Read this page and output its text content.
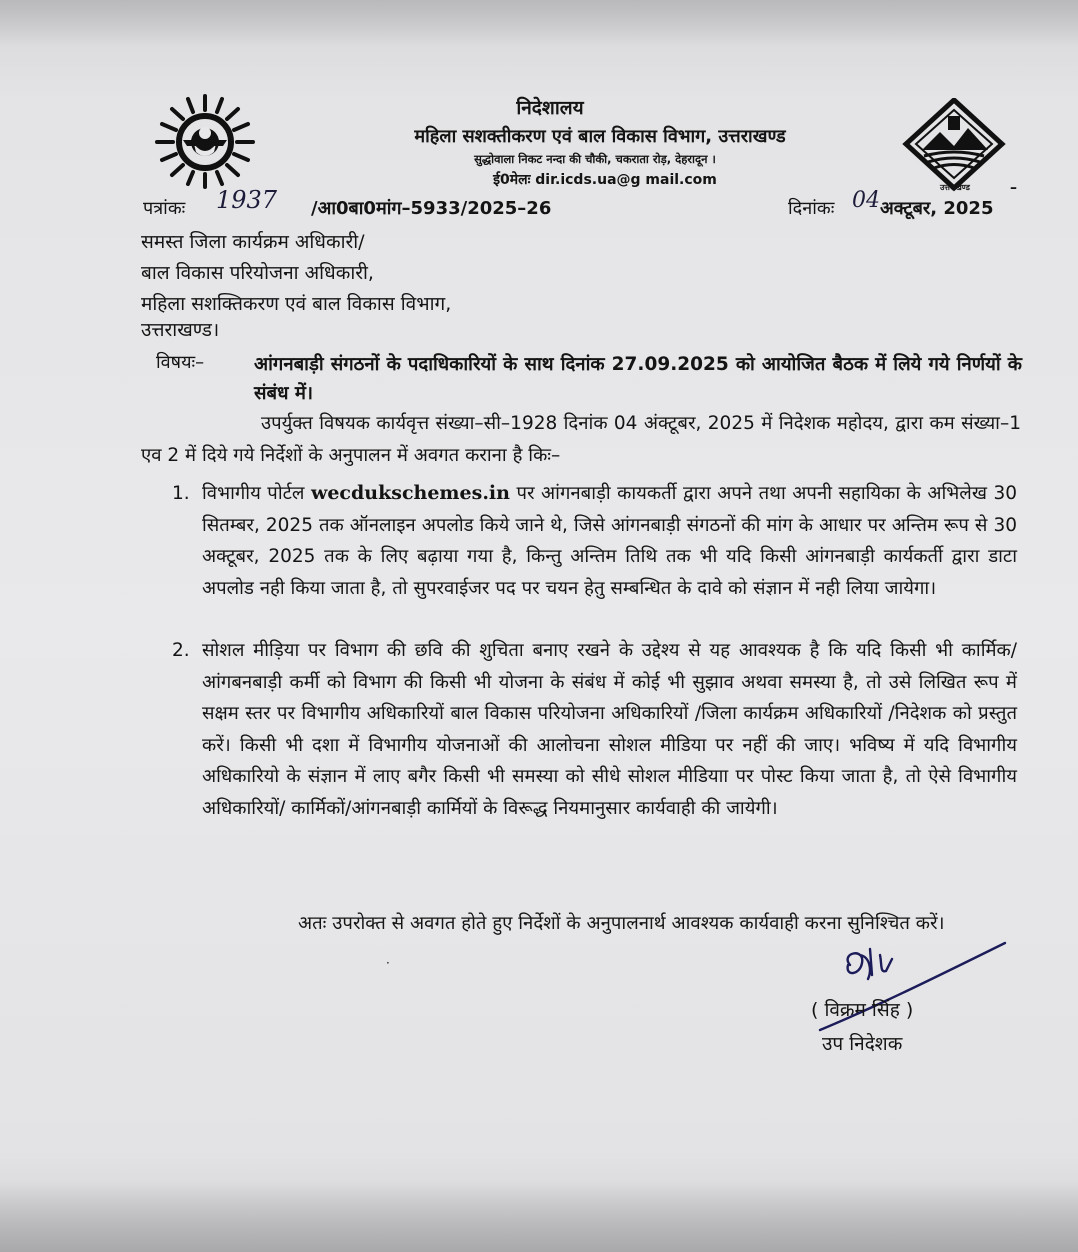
निदेशालय
महिला सशक्तीकरण एवं बाल विकास विभाग, उत्तराखण्ड
सुद्धोवाला निकट नन्दा की चौकी, चकराता रोड़, देहरादून ।
ई0मेलः dir.icds.ua@g mail.com	उत्तराखण्ड	–
पत्रांकः 1937 /आ0बा0मांग–5933/2025–26	दिनांकः 04 अक्टूबर, 2025
समस्त जिला कार्यक्रम अधिकारी/
बाल विकास परियोजना अधिकारी,
महिला सशक्तिकरण एवं बाल विकास विभाग,
उत्तराखण्ड।
विषयः–	आंगनबाड़ी संगठनों के पदाधिकारियों के साथ दिनांक 27.09.2025 को आयोजित बैठक में लिये गये निर्णयों के संबंध में।
उपर्युक्त विषयक कार्यवृत्त संख्या–सी–1928 दिनांक 04 अंक्टूबर, 2025 में निदेशक महोदय, द्वारा कम संख्या–1 एव 2 में दिये गये निर्देशों के अनुपालन में अवगत कराना है किः–
1. विभागीय पोर्टल wecdukschemes.in पर आंगनबाड़ी कायकर्ती द्वारा अपने तथा अपनी सहायिका के अभिलेख 30 सितम्बर, 2025 तक ऑनलाइन अपलोड किये जाने थे, जिसे आंगनबाड़ी संगठनों की मांग के आधार पर अन्तिम रूप से 30 अक्टूबर, 2025 तक के लिए बढ़ाया गया है, किन्तु अन्तिम तिथि तक भी यदि किसी आंगनबाड़ी कार्यकर्ती द्वारा डाटा अपलोड नही किया जाता है, तो सुपरवाईजर पद पर चयन हेतु सम्बन्धित के दावे को संज्ञान में नही लिया जायेगा।
2. सोशल मीड़िया पर विभाग की छवि की शुचिता बनाए रखने के उद्देश्य से यह आवश्यक है कि यदि किसी भी कार्मिक/आंगबनबाड़ी कर्मी को विभाग की किसी भी योजना के संबंध में कोई भी सुझाव अथवा समस्या है, तो उसे लिखित रूप में सक्षम स्तर पर विभागीय अधिकारियों बाल विकास परियोजना अधिकारियों /जिला कार्यक्रम अधिकारियों /निदेशक को प्रस्तुत करें। किसी भी दशा में विभागीय योजनाओं की आलोचना सोशल मीडिया पर नहीं की जाए। भविष्य में यदि विभागीय अधिकारियो के संज्ञान में लाए बगैर किसी भी समस्या को सीधे सोशल मीडियाा पर पोस्ट किया जाता है, तो ऐसे विभागीय अधिकारियों/ कार्मिकों/आंगनबाड़ी कार्मियों के विरूद्ध नियमानुसार कार्यवाही की जायेगी।
अतः उपरोक्त से अवगत होते हुए निर्देशों के अनुपालनार्थ आवश्यक कार्यवाही करना सुनिश्चित करें।
·
( विक्रम सिंह )
उप निदेशक
